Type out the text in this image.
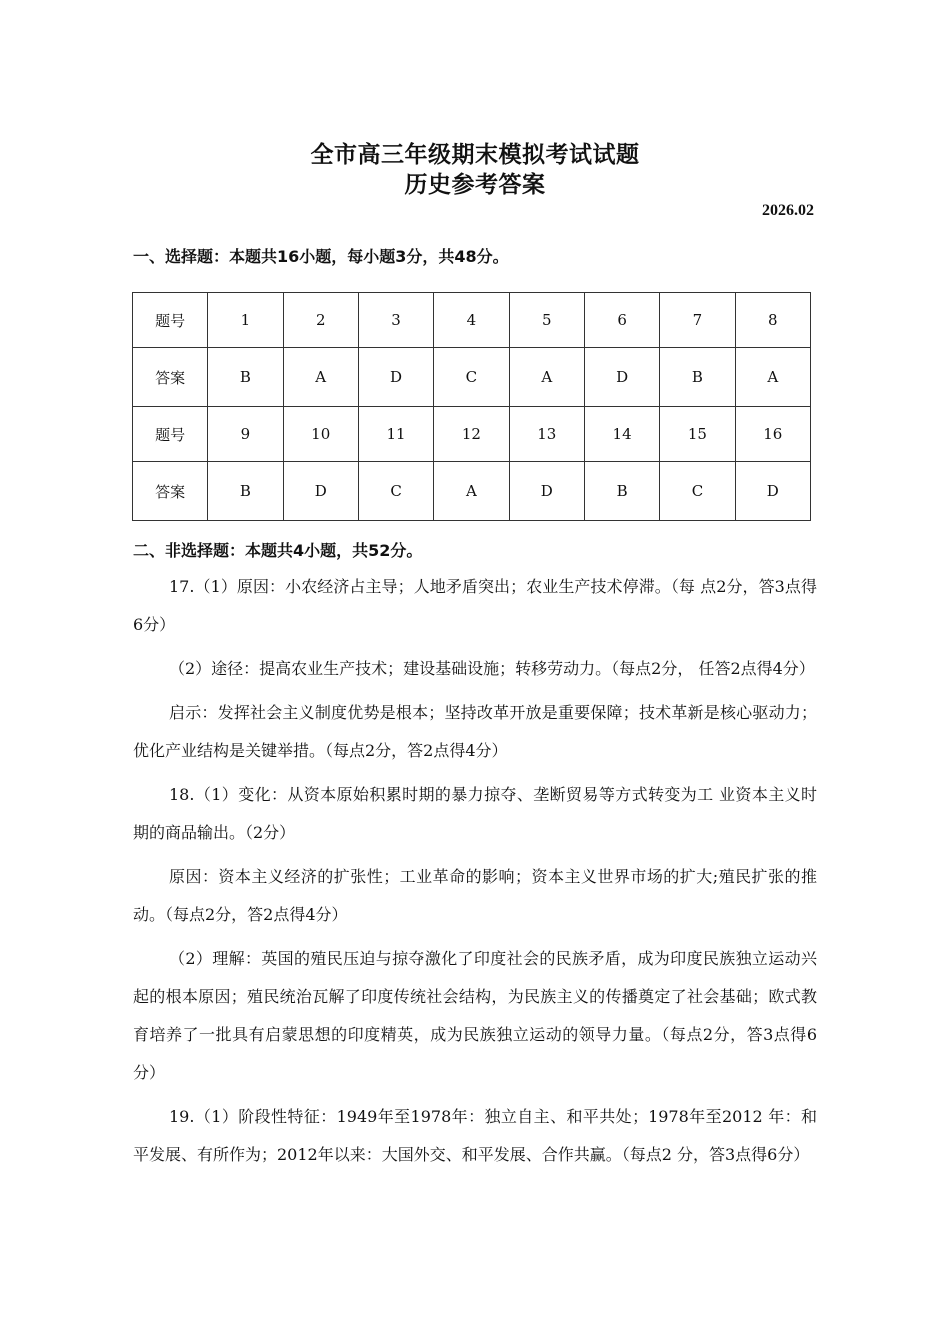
全市高三年级期末模拟考试试题
历史参考答案
2026.02
一、选择题：本题共16小题，每小题3分，共48分。
题号	1	2	3	4	5	6	7	8
答案	B	A	D	C	A	D	B	A
题号	9	10	11	12	13	14	15	16
答案	B	D	C	A	D	B	C	D
二、非选择题：本题共4小题，共52分。

17.（1）原因：小农经济占主导；人地矛盾突出；农业生产技术停滞。（每 点2分，答3点得6分）

（2）途径：提高农业生产技术；建设基础设施；转移劳动力。（每点2分， 任答2点得4分）

启示：发挥社会主义制度优势是根本；坚持改革开放是重要保障；技术革新是核心驱动力；优化产业结构是关键举措。（每点2分，答2点得4分）

18.（1）变化：从资本原始积累时期的暴力掠夺、垄断贸易等方式转变为工 业资本主义时期的商品输出。（2分）

原因：资本主义经济的扩张性；工业革命的影响；资本主义世界市场的扩大;殖民扩张的推动。（每点2分，答2点得4分）

（2）理解：英国的殖民压迫与掠夺激化了印度社会的民族矛盾，成为印度民族独立运动兴起的根本原因；殖民统治瓦解了印度传统社会结构，为民族主义的传播奠定了社会基础；欧式教育培养了一批具有启蒙思想的印度精英，成为民族独立运动的领导力量。（每点2分，答3点得6分）

19.（1）阶段性特征：1949年至1978年：独立自主、和平共处；1978年至2012 年：和平发展、有所作为；2012年以来：大国外交、和平发展、合作共赢。（每点2 分，答3点得6分）
